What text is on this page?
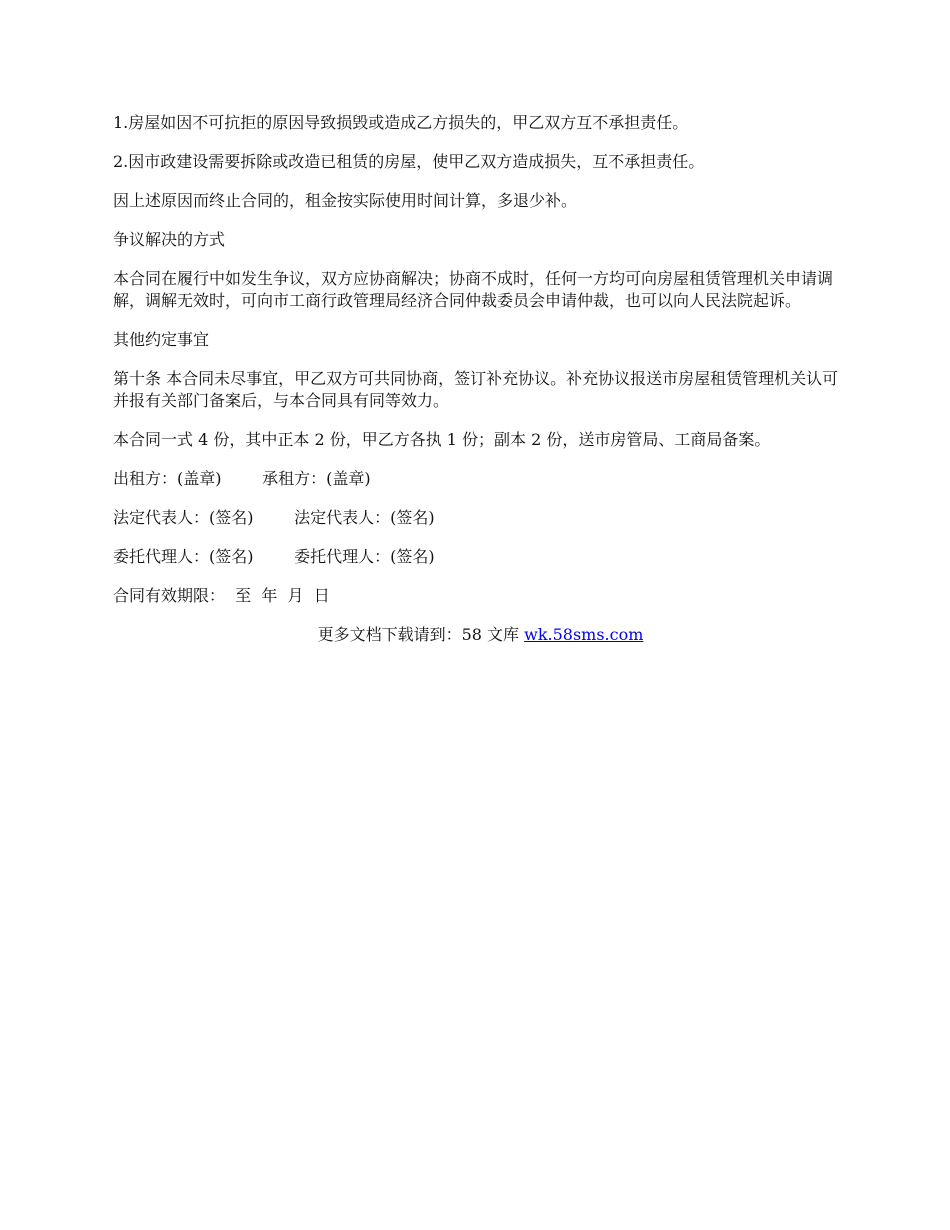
1.房屋如因不可抗拒的原因导致损毁或造成乙方损失的，甲乙双方互不承担责任。

2.因市政建设需要拆除或改造已租赁的房屋，使甲乙双方造成损失，互不承担责任。

因上述原因而终止合同的，租金按实际使用时间计算，多退少补。

争议解决的方式

本合同在履行中如发生争议，双方应协商解决；协商不成时，任何一方均可向房屋租赁管理机关申请调解，调解无效时，可向市工商行政管理局经济合同仲裁委员会申请仲裁，也可以向人民法院起诉。

其他约定事宜

第十条 本合同未尽事宜，甲乙双方可共同协商，签订补充协议。补充协议报送市房屋租赁管理机关认可并报有关部门备案后，与本合同具有同等效力。

本合同一式 4 份，其中正本 2 份，甲乙方各执 1 份；副本 2 份，送市房管局、工商局备案。

出租方：(盖章)        承租方：(盖章)

法定代表人：(签名)        法定代表人：(签名)

委托代理人：(签名)        委托代理人：(签名)

合同有效期限：  至  年  月  日

更多文档下载请到：58 文库 wk.58sms.com
